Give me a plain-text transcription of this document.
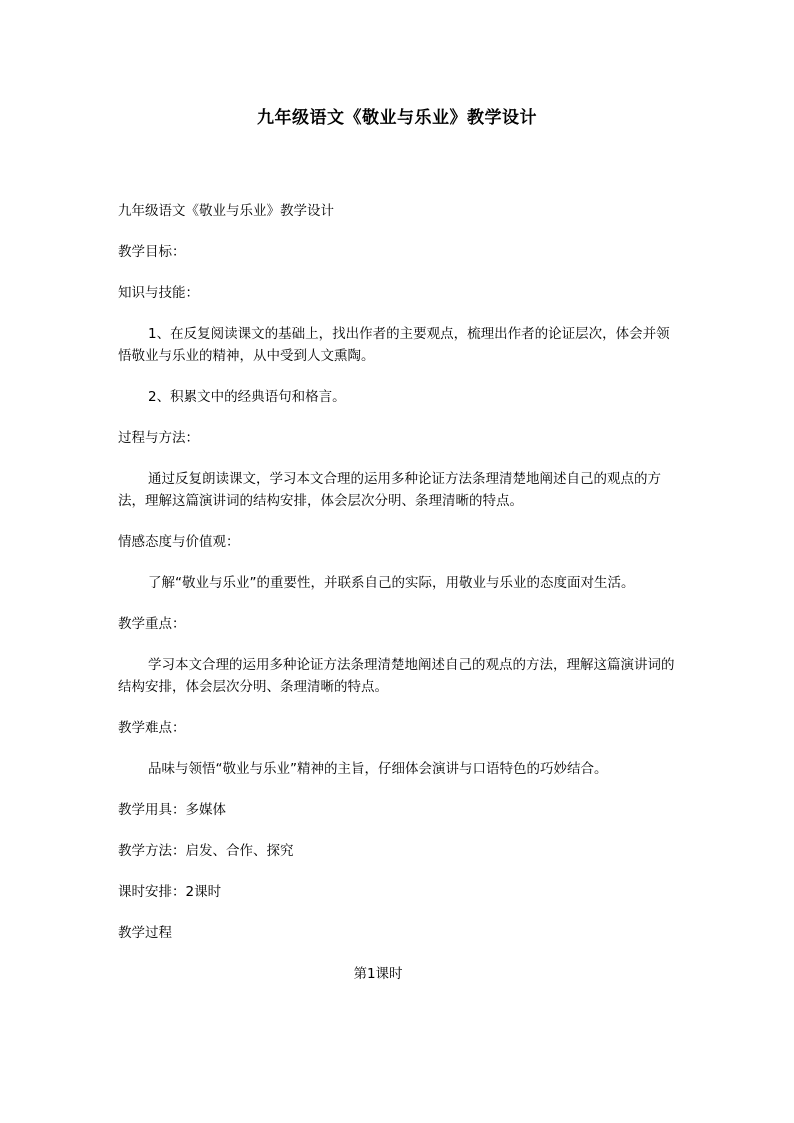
九年级语文《敬业与乐业》教学设计

九年级语文《敬业与乐业》教学设计

教学目标：

知识与技能：

1、在反复阅读课文的基础上，找出作者的主要观点，梳理出作者的论证层次，体会并领悟敬业与乐业的精神，从中受到人文熏陶。

2、积累文中的经典语句和格言。

过程与方法：

通过反复朗读课文，学习本文合理的运用多种论证方法条理清楚地阐述自己的观点的方法，理解这篇演讲词的结构安排，体会层次分明、条理清晰的特点。

情感态度与价值观：

了解“敬业与乐业”的重要性，并联系自己的实际，用敬业与乐业的态度面对生活。

教学重点：

学习本文合理的运用多种论证方法条理清楚地阐述自己的观点的方法，理解这篇演讲词的结构安排，体会层次分明、条理清晰的特点。

教学难点：

品味与领悟“敬业与乐业”精神的主旨，仔细体会演讲与口语特色的巧妙结合。

教学用具：多媒体

教学方法：启发、合作、探究

课时安排：2课时

教学过程

第1课时
